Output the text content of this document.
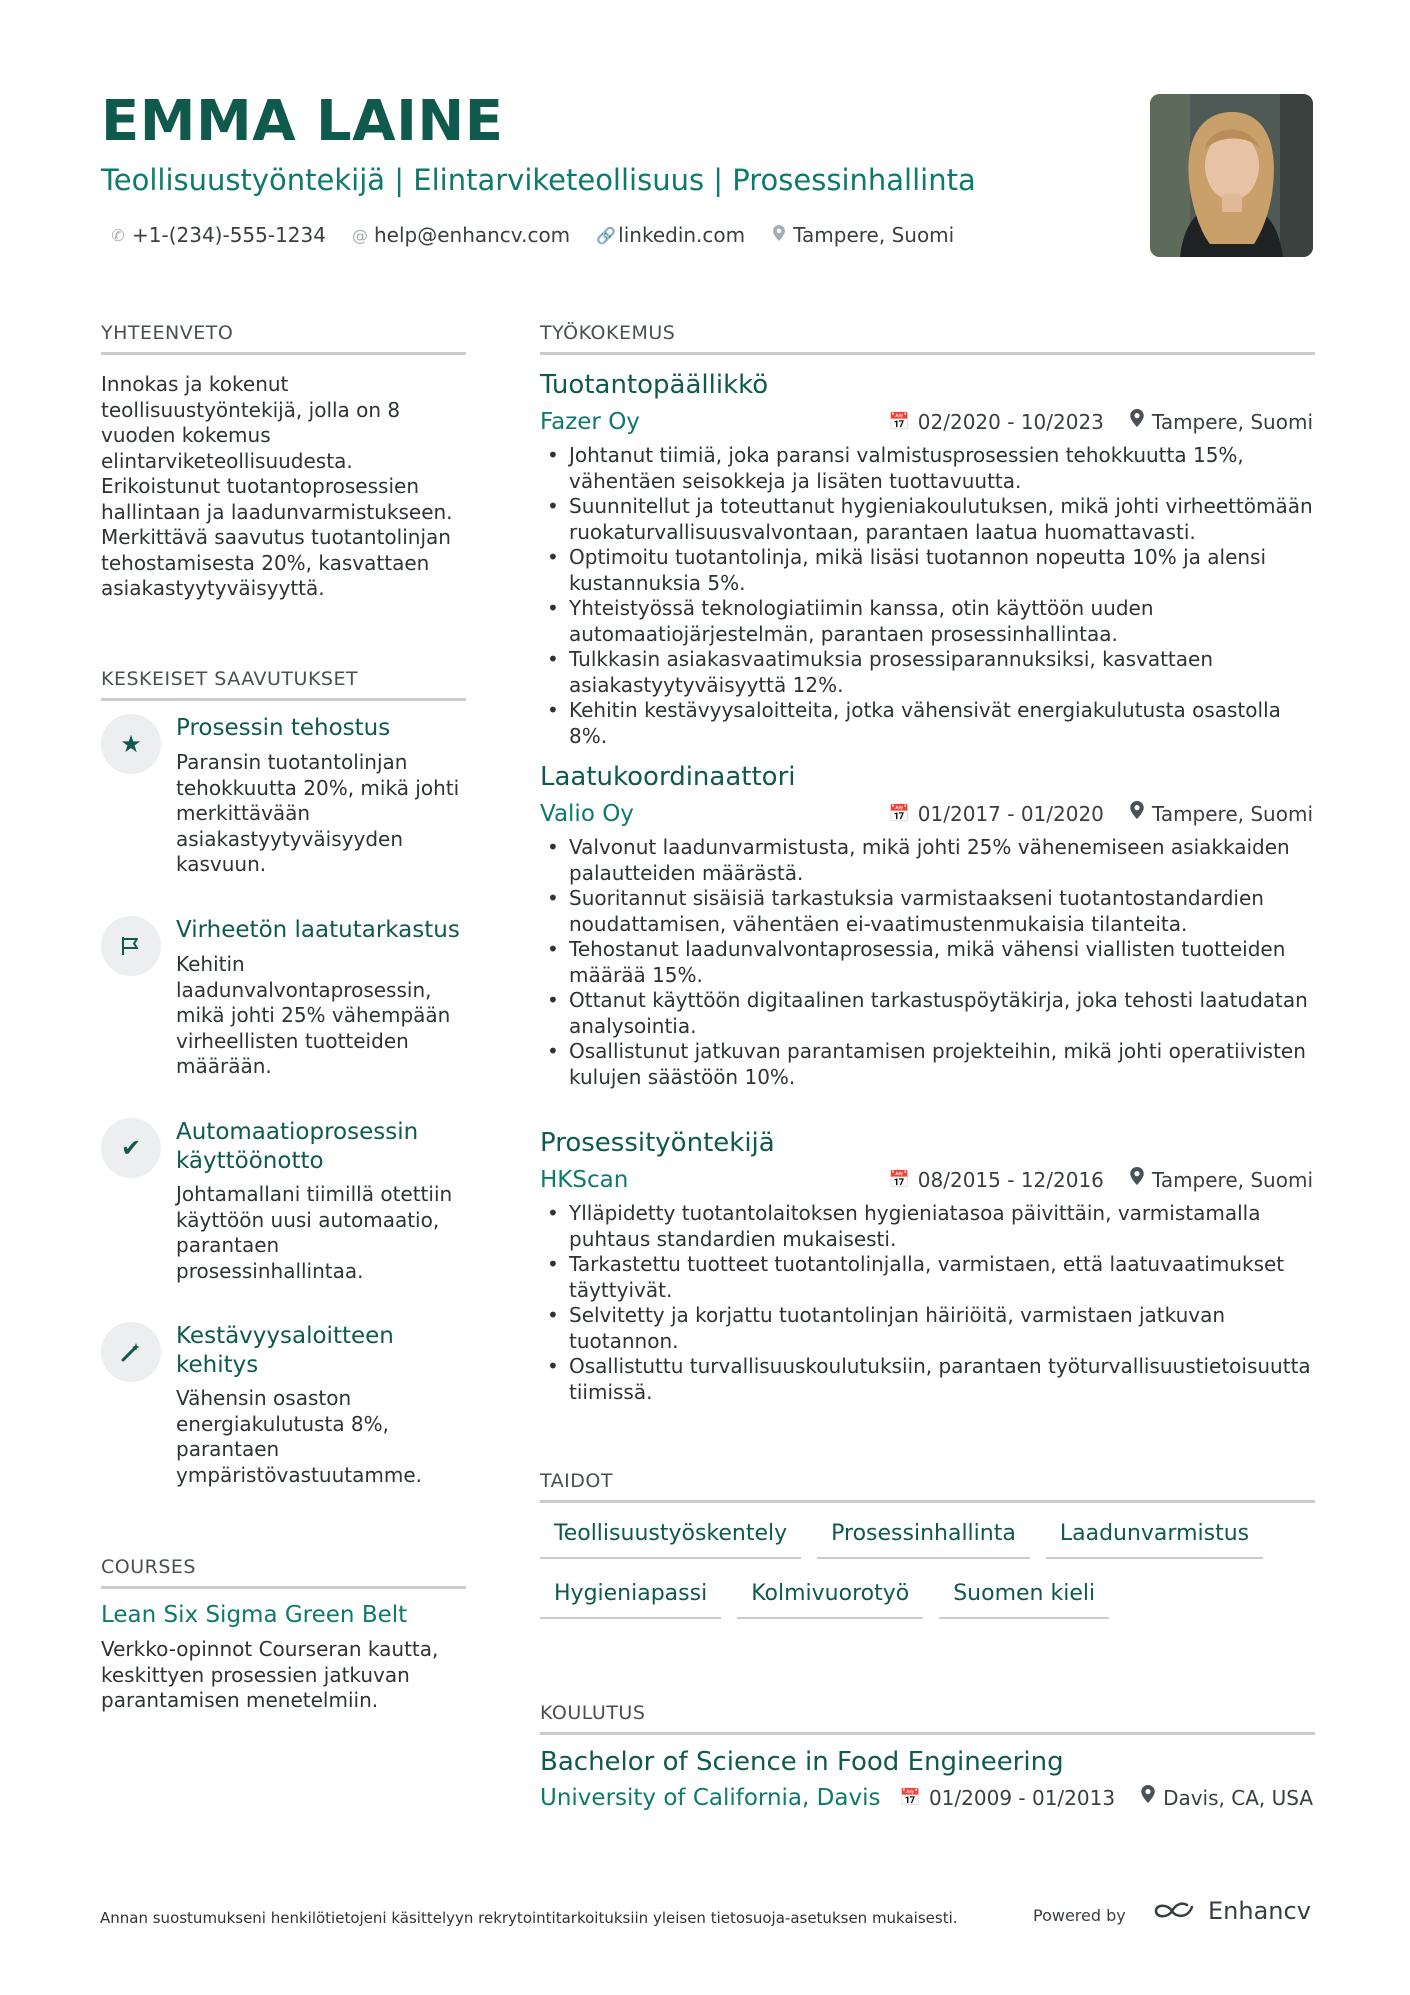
EMMA LAINE
Teollisuustyöntekijä | Elintarviketeollisuus | Prosessinhallinta
✆ +1-(234)-555-1234 @ help@enhancv.com 🔗 linkedin.com Tampere, Suomi
YHTEENVETO
Innokas ja kokenut teollisuustyöntekijä, jolla on 8 vuoden kokemus elintarviketeollisuudesta. Erikoistunut tuotantoprosessien hallintaan ja laadunvarmistukseen. Merkittävä saavutus tuotantolinjan tehostamisesta 20%, kasvattaen asiakastyytyväisyyttä.
KESKEISET SAAVUTUKSET
★
Prosessin tehostus
Paransin tuotantolinjan tehokkuutta 20%, mikä johti merkittävään asiakastyytyväisyyden kasvuun.
Virheetön laatutarkastus
Kehitin laadunvalvontaprosessin, mikä johti 25% vähempään virheellisten tuotteiden määrään.
✔
Automaatioprosessin käyttöönotto
Johtamallani tiimillä otettiin käyttöön uusi automaatio, parantaen prosessinhallintaa.
Kestävyysaloitteen kehitys
Vähensin osaston energiakulutusta 8%, parantaen ympäristövastuutamme.
COURSES
Lean Six Sigma Green Belt
Verkko-opinnot Courseran kautta, keskittyen prosessien jatkuvan parantamisen menetelmiin.
TYÖKOKEMUS
Tuotantopäällikkö
Fazer Oy	📅 02/2020 - 10/2023 Tampere, Suomi
• Johtanut tiimiä, joka paransi valmistusprosessien tehokkuutta 15%, vähentäen seisokkeja ja lisäten tuottavuutta.
• Suunnitellut ja toteuttanut hygieniakoulutuksen, mikä johti virheettömään ruokaturvallisuusvalvontaan, parantaen laatua huomattavasti.
• Optimoitu tuotantolinja, mikä lisäsi tuotannon nopeutta 10% ja alensi kustannuksia 5%.
• Yhteistyössä teknologiatiimin kanssa, otin käyttöön uuden automaatiojärjestelmän, parantaen prosessinhallintaa.
• Tulkkasin asiakasvaatimuksia prosessiparannuksiksi, kasvattaen asiakastyytyväisyyttä 12%.
• Kehitin kestävyysaloitteita, jotka vähensivät energiakulutusta osastolla 8%.
Laatukoordinaattori
Valio Oy	📅 01/2017 - 01/2020 Tampere, Suomi
• Valvonut laadunvarmistusta, mikä johti 25% vähenemiseen asiakkaiden palautteiden määrästä.
• Suoritannut sisäisiä tarkastuksia varmistaakseni tuotantostandardien noudattamisen, vähentäen ei-vaatimustenmukaisia tilanteita.
• Tehostanut laadunvalvontaprosessia, mikä vähensi viallisten tuotteiden määrää 15%.
• Ottanut käyttöön digitaalinen tarkastuspöytäkirja, joka tehosti laatudatan analysointia.
• Osallistunut jatkuvan parantamisen projekteihin, mikä johti operatiivisten kulujen säästöön 10%.
Prosessityöntekijä
HKScan	📅 08/2015 - 12/2016 Tampere, Suomi
• Ylläpidetty tuotantolaitoksen hygieniatasoa päivittäin, varmistamalla puhtaus standardien mukaisesti.
• Tarkastettu tuotteet tuotantolinjalla, varmistaen, että laatuvaatimukset täyttyivät.
• Selvitetty ja korjattu tuotantolinjan häiriöitä, varmistaen jatkuvan tuotannon.
• Osallistuttu turvallisuuskoulutuksiin, parantaen työturvallisuustietoisuutta tiimissä.
TAIDOT
Teollisuustyöskentely	Prosessinhallinta	Laadunvarmistus
Hygieniapassi	Kolmivuorotyö	Suomen kieli
KOULUTUS
Bachelor of Science in Food Engineering
University of California, Davis 📅 01/2009 - 01/2013 Davis, CA, USA
Annan suostumukseni henkilötietojeni käsittelyyn rekrytointitarkoituksiin yleisen tietosuoja-asetuksen mukaisesti.	Powered by	Enhancv
